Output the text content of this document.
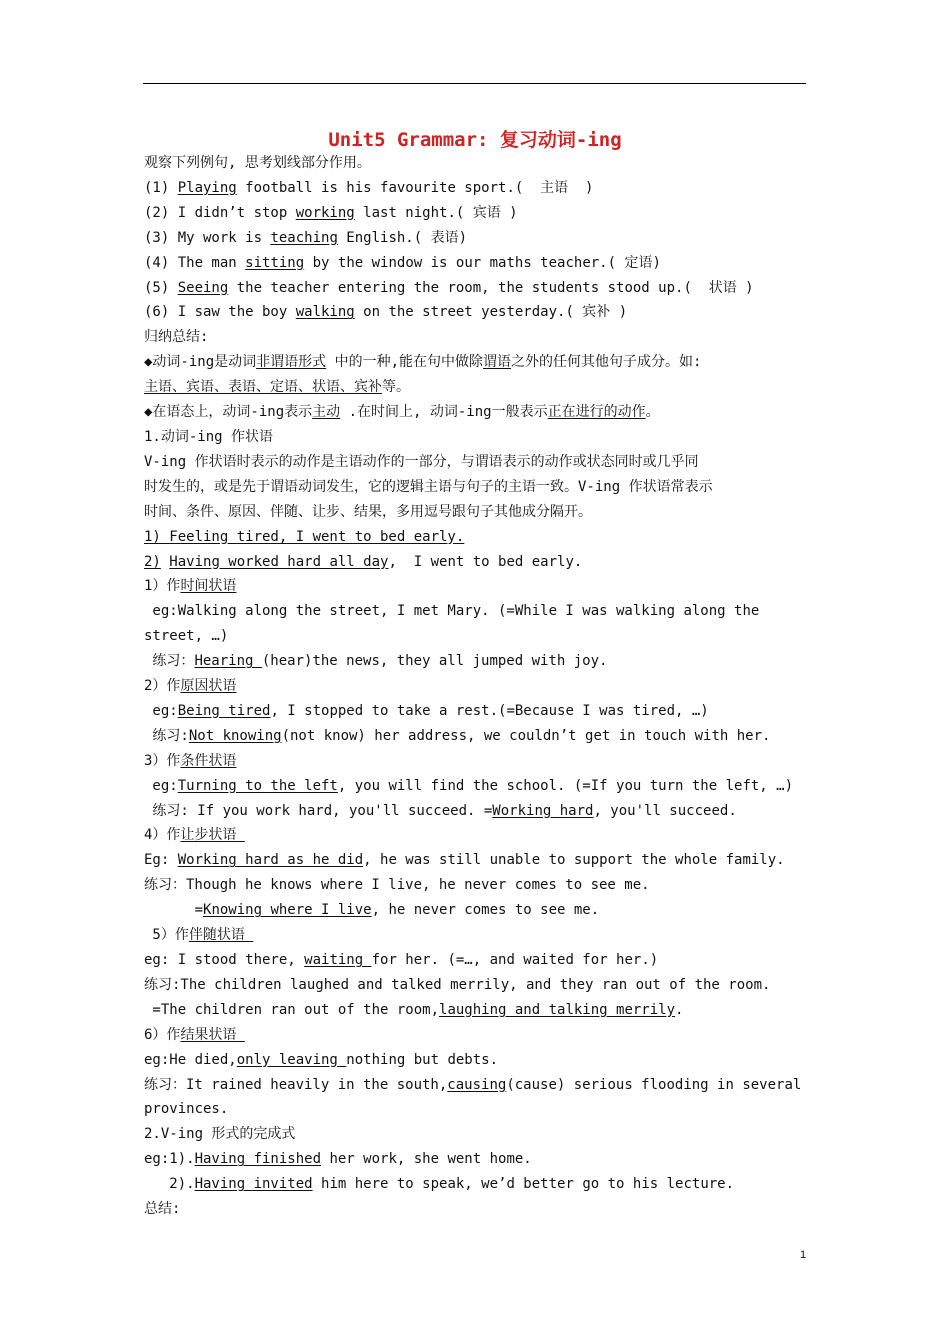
Unit5 Grammar: 复习动词-ing
观察下列例句, 思考划线部分作用。
(1) Playing football is his favourite sport.(  主语  )
(2) I didn’t stop working last night.( 宾语 )
(3) My work is teaching English.( 表语)
(4) The man sitting by the window is our maths teacher.( 定语)
(5) Seeing the teacher entering the room, the students stood up.(  状语 )
(6) I saw the boy walking on the street yesterday.( 宾补 )
归纳总结:
◆动词-ing是动词非谓语形式 中的一种,能在句中做除谓语之外的任何其他句子成分。如:
主语、宾语、表语、定语、状语、宾补等。
◆在语态上，动词-ing表示主动 .在时间上, 动词-ing一般表示正在进行的动作。
1.动词-ing 作状语
V-ing 作状语时表示的动作是主语动作的一部分，与谓语表示的动作或状态同时或几乎同
时发生的，或是先于谓语动词发生，它的逻辑主语与句子的主语一致。V-ing 作状语常表示
时间、条件、原因、伴随、让步、结果，多用逗号跟句子其他成分隔开。
1) Feeling tired, I went to bed early.
2) Having worked hard all day,  I went to bed early.
1）作时间状语
eg:Walking along the street, I met Mary. (=While I was walking along the
street, …)
练习：Hearing (hear)the news, they all jumped with joy.
2）作原因状语
eg:Being tired, I stopped to take a rest.(=Because I was tired, …)
练习:Not knowing(not know) her address, we couldn’t get in touch with her.
3）作条件状语
eg:Turning to the left, you will find the school. (=If you turn the left, …)
练习: If you work hard, you'll succeed. =Working hard, you'll succeed.
4）作让步状语
Eg: Working hard as he did, he was still unable to support the whole family.
练习：Though he knows where I live, he never comes to see me.
=Knowing where I live, he never comes to see me.
5）作伴随状语
eg: I stood there, waiting for her. (=…, and waited for her.)
练习:The children laughed and talked merrily, and they ran out of the room.
=The children ran out of the room,laughing and talking merrily.
6）作结果状语
eg:He died,only leaving nothing but debts.
练习：It rained heavily in the south,causing(cause) serious flooding in several
provinces.
2.V-ing 形式的完成式
eg:1).Having finished her work, she went home.
2).Having invited him here to speak, we’d better go to his lecture.
总结:
1
